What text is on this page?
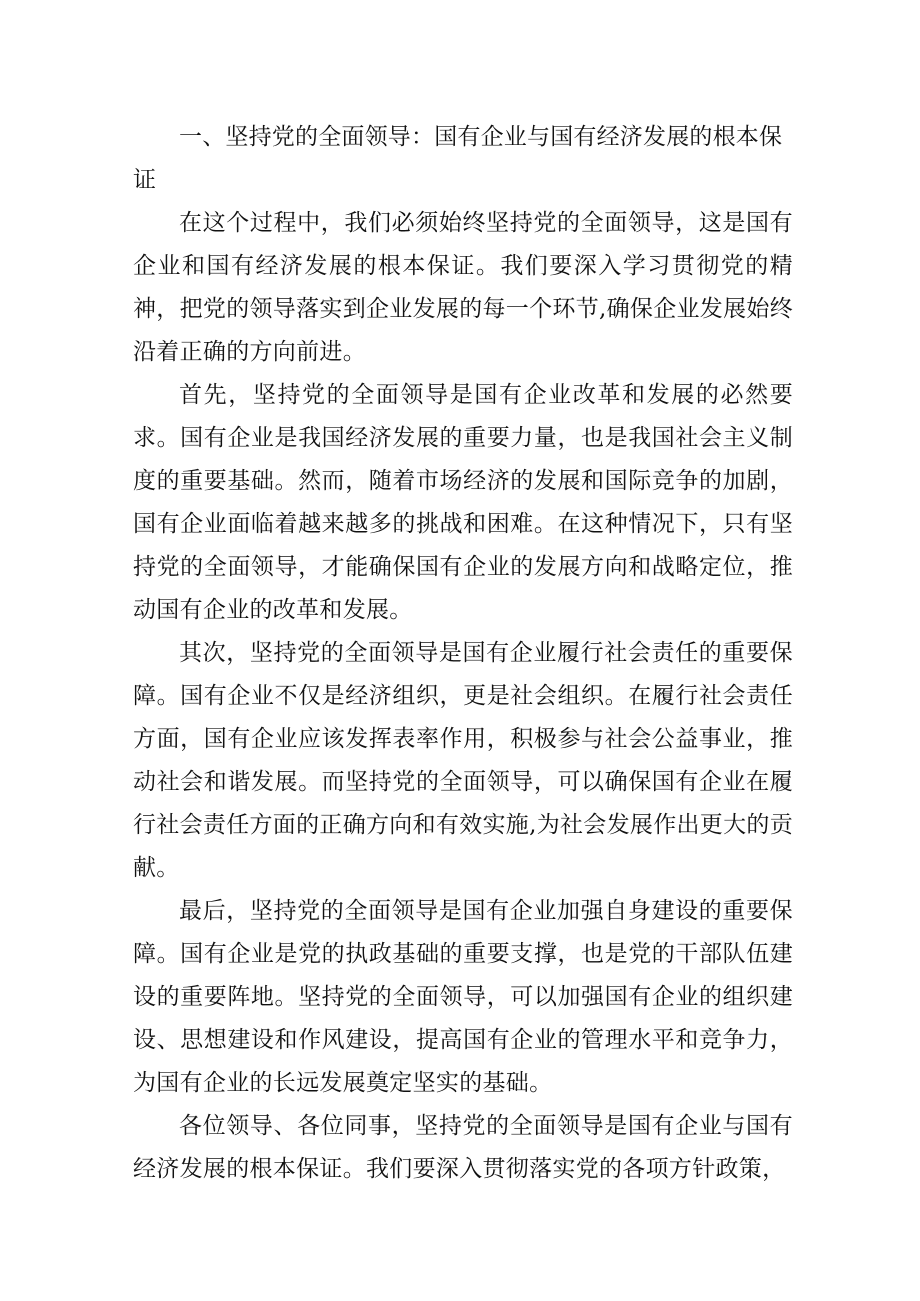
一、坚持党的全面领导：国有企业与国有经济发展的根本保证

在这个过程中，我们必须始终坚持党的全面领导，这是国有企业和国有经济发展的根本保证。我们要深入学习贯彻党的精神，把党的领导落实到企业发展的每一个环节,确保企业发展始终沿着正确的方向前进。

首先，坚持党的全面领导是国有企业改革和发展的必然要求。国有企业是我国经济发展的重要力量，也是我国社会主义制度的重要基础。然而，随着市场经济的发展和国际竞争的加剧，国有企业面临着越来越多的挑战和困难。在这种情况下，只有坚持党的全面领导，才能确保国有企业的发展方向和战略定位，推动国有企业的改革和发展。

其次，坚持党的全面领导是国有企业履行社会责任的重要保障。国有企业不仅是经济组织，更是社会组织。在履行社会责任方面，国有企业应该发挥表率作用，积极参与社会公益事业，推动社会和谐发展。而坚持党的全面领导，可以确保国有企业在履行社会责任方面的正确方向和有效实施,为社会发展作出更大的贡献。

最后，坚持党的全面领导是国有企业加强自身建设的重要保障。国有企业是党的执政基础的重要支撑，也是党的干部队伍建设的重要阵地。坚持党的全面领导，可以加强国有企业的组织建设、思想建设和作风建设，提高国有企业的管理水平和竞争力，为国有企业的长远发展奠定坚实的基础。

各位领导、各位同事，坚持党的全面领导是国有企业与国有经济发展的根本保证。我们要深入贯彻落实党的各项方针政策，
